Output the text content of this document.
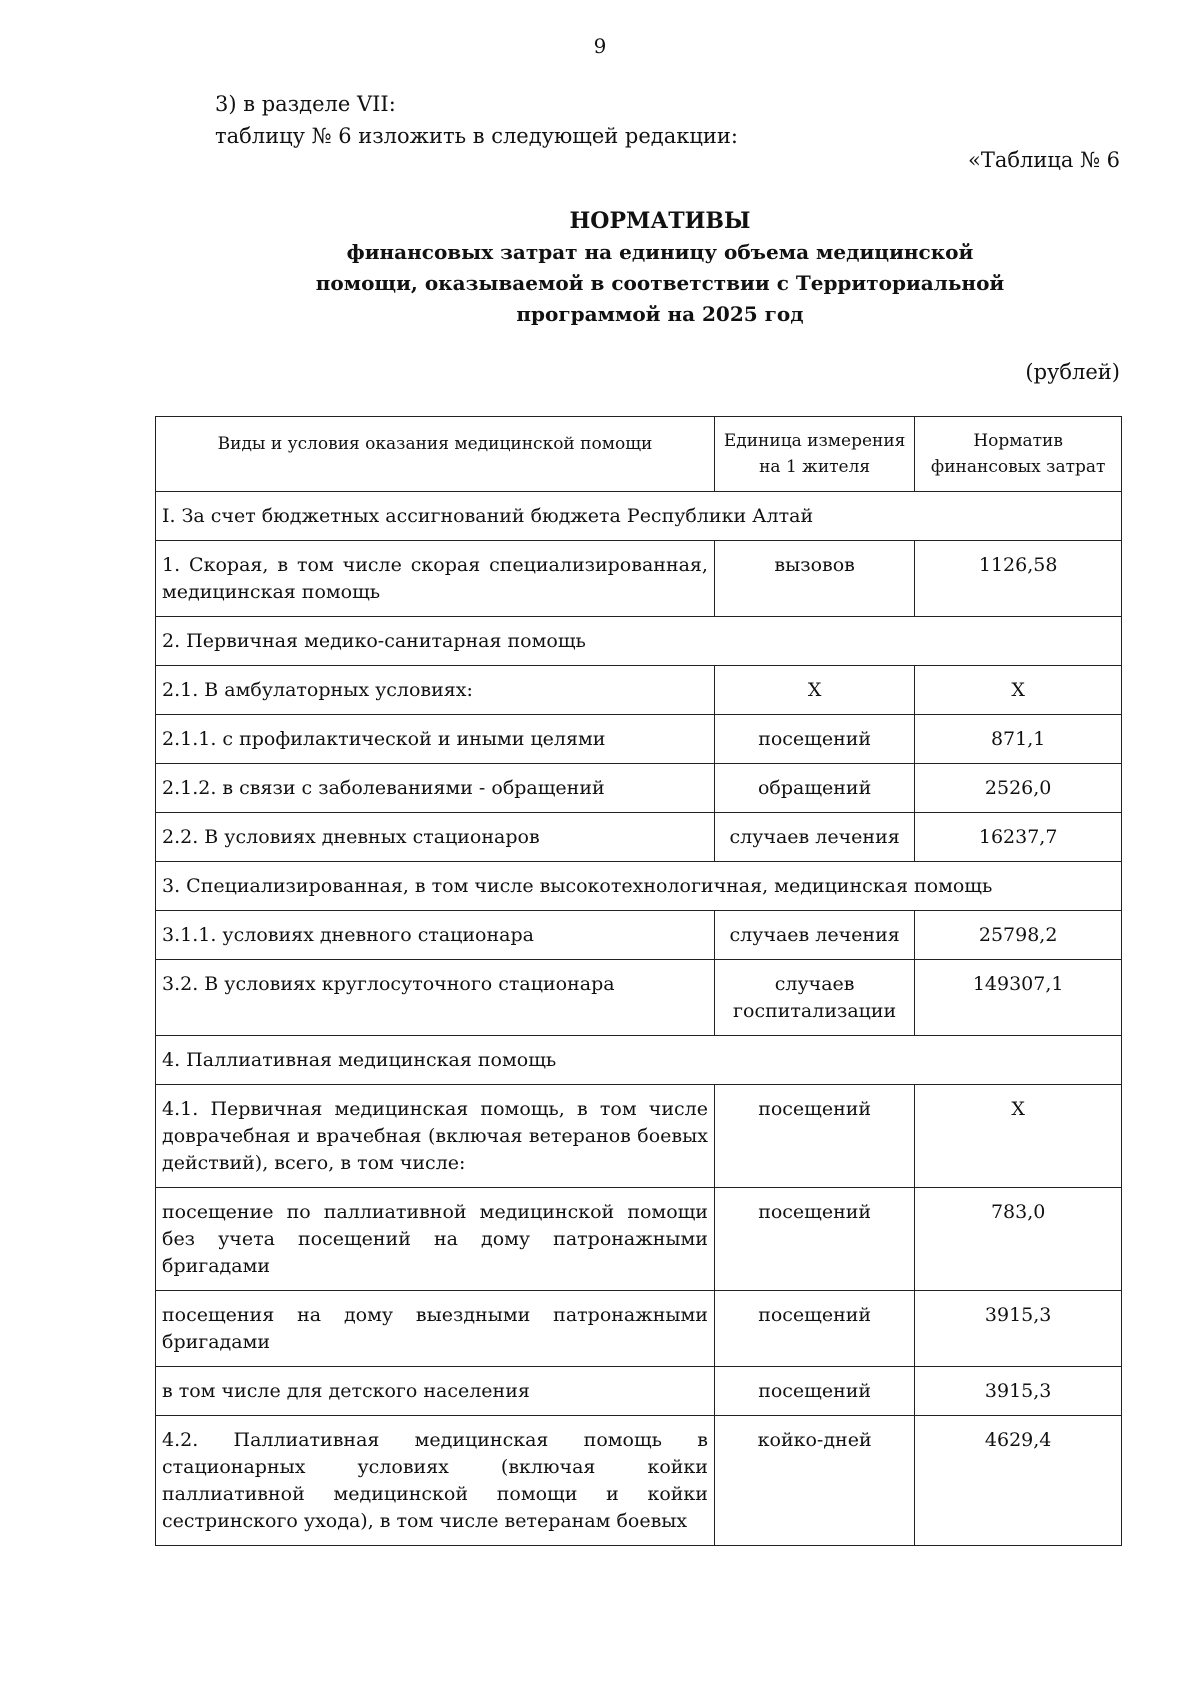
9
3) в разделе VII:
таблицу № 6 изложить в следующей редакции:
«Таблица № 6
НОРМАТИВЫ
финансовых затрат на единицу объема медицинской
помощи, оказываемой в соответствии с Территориальной
программой на 2025 год
(рублей)
Виды и условия оказания медицинской помощи	Единица измерения на 1 жителя	Норматив финансовых затрат
I. За счет бюджетных ассигнований бюджета Республики Алтай		
1. Скорая, в том числе скорая специализированная, медицинская помощь	вызовов	1126,58
2. Первичная медико-санитарная помощь		
2.1. В амбулаторных условиях:	Х	Х
2.1.1. с профилактической и иными целями	посещений	871,1
2.1.2. в связи с заболеваниями - обращений	обращений	2526,0
2.2. В условиях дневных стационаров	случаев лечения	16237,7
3. Специализированная, в том числе высокотехнологичная, медицинская помощь		
3.1.1. условиях дневного стационара	случаев лечения	25798,2
3.2. В условиях круглосуточного стационара	случаев госпитализации	149307,1
4. Паллиативная медицинская помощь		
4.1. Первичная медицинская помощь, в том числе доврачебная и врачебная (включая ветеранов боевых действий), всего, в том числе:	посещений	Х
посещение по паллиативной медицинской помощи без учета посещений на дому патронажными бригадами	посещений	783,0
посещения на дому выездными патронажными бригадами	посещений	3915,3
в том числе для детского населения	посещений	3915,3
4.2. Паллиативная медицинская помощь в стационарных условиях (включая койки паллиативной медицинской помощи и койки сестринского ухода), в том числе ветеранам боевых	койко-дней	4629,4
